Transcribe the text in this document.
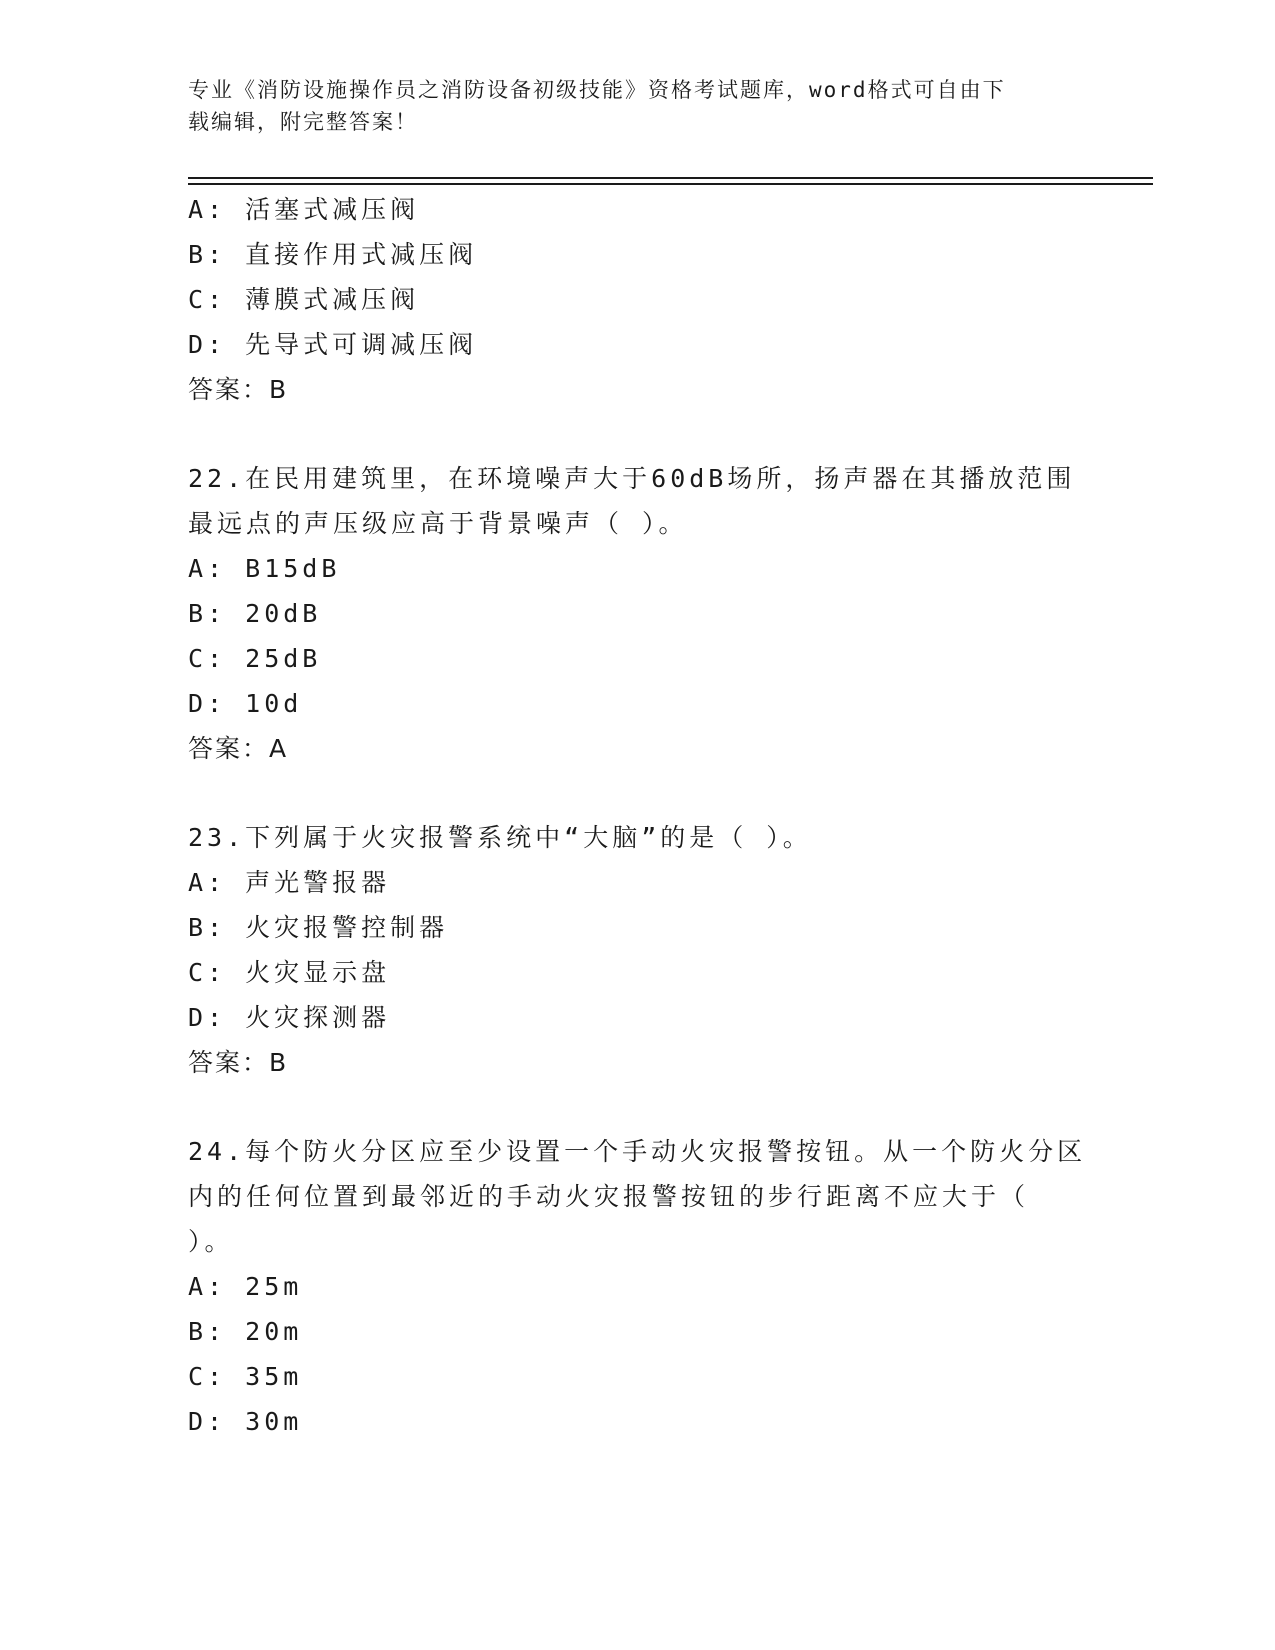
专业《消防设施操作员之消防设备初级技能》资格考试题库，word格式可自由下
载编辑，附完整答案！
A: 活塞式减压阀
B: 直接作用式减压阀
C: 薄膜式减压阀
D: 先导式可调减压阀
答案：B
22.在民用建筑里，在环境噪声大于60dB场所，扬声器在其播放范围
最远点的声压级应高于背景噪声（ ）。
A: B15dB
B: 20dB
C: 25dB
D: 10d
答案：A
23.下列属于火灾报警系统中“大脑”的是（ ）。
A: 声光警报器
B: 火灾报警控制器
C: 火灾显示盘
D: 火灾探测器
答案：B
24.每个防火分区应至少设置一个手动火灾报警按钮。从一个防火分区
内的任何位置到最邻近的手动火灾报警按钮的步行距离不应大于（
）。
A: 25m
B: 20m
C: 35m
D: 30m
